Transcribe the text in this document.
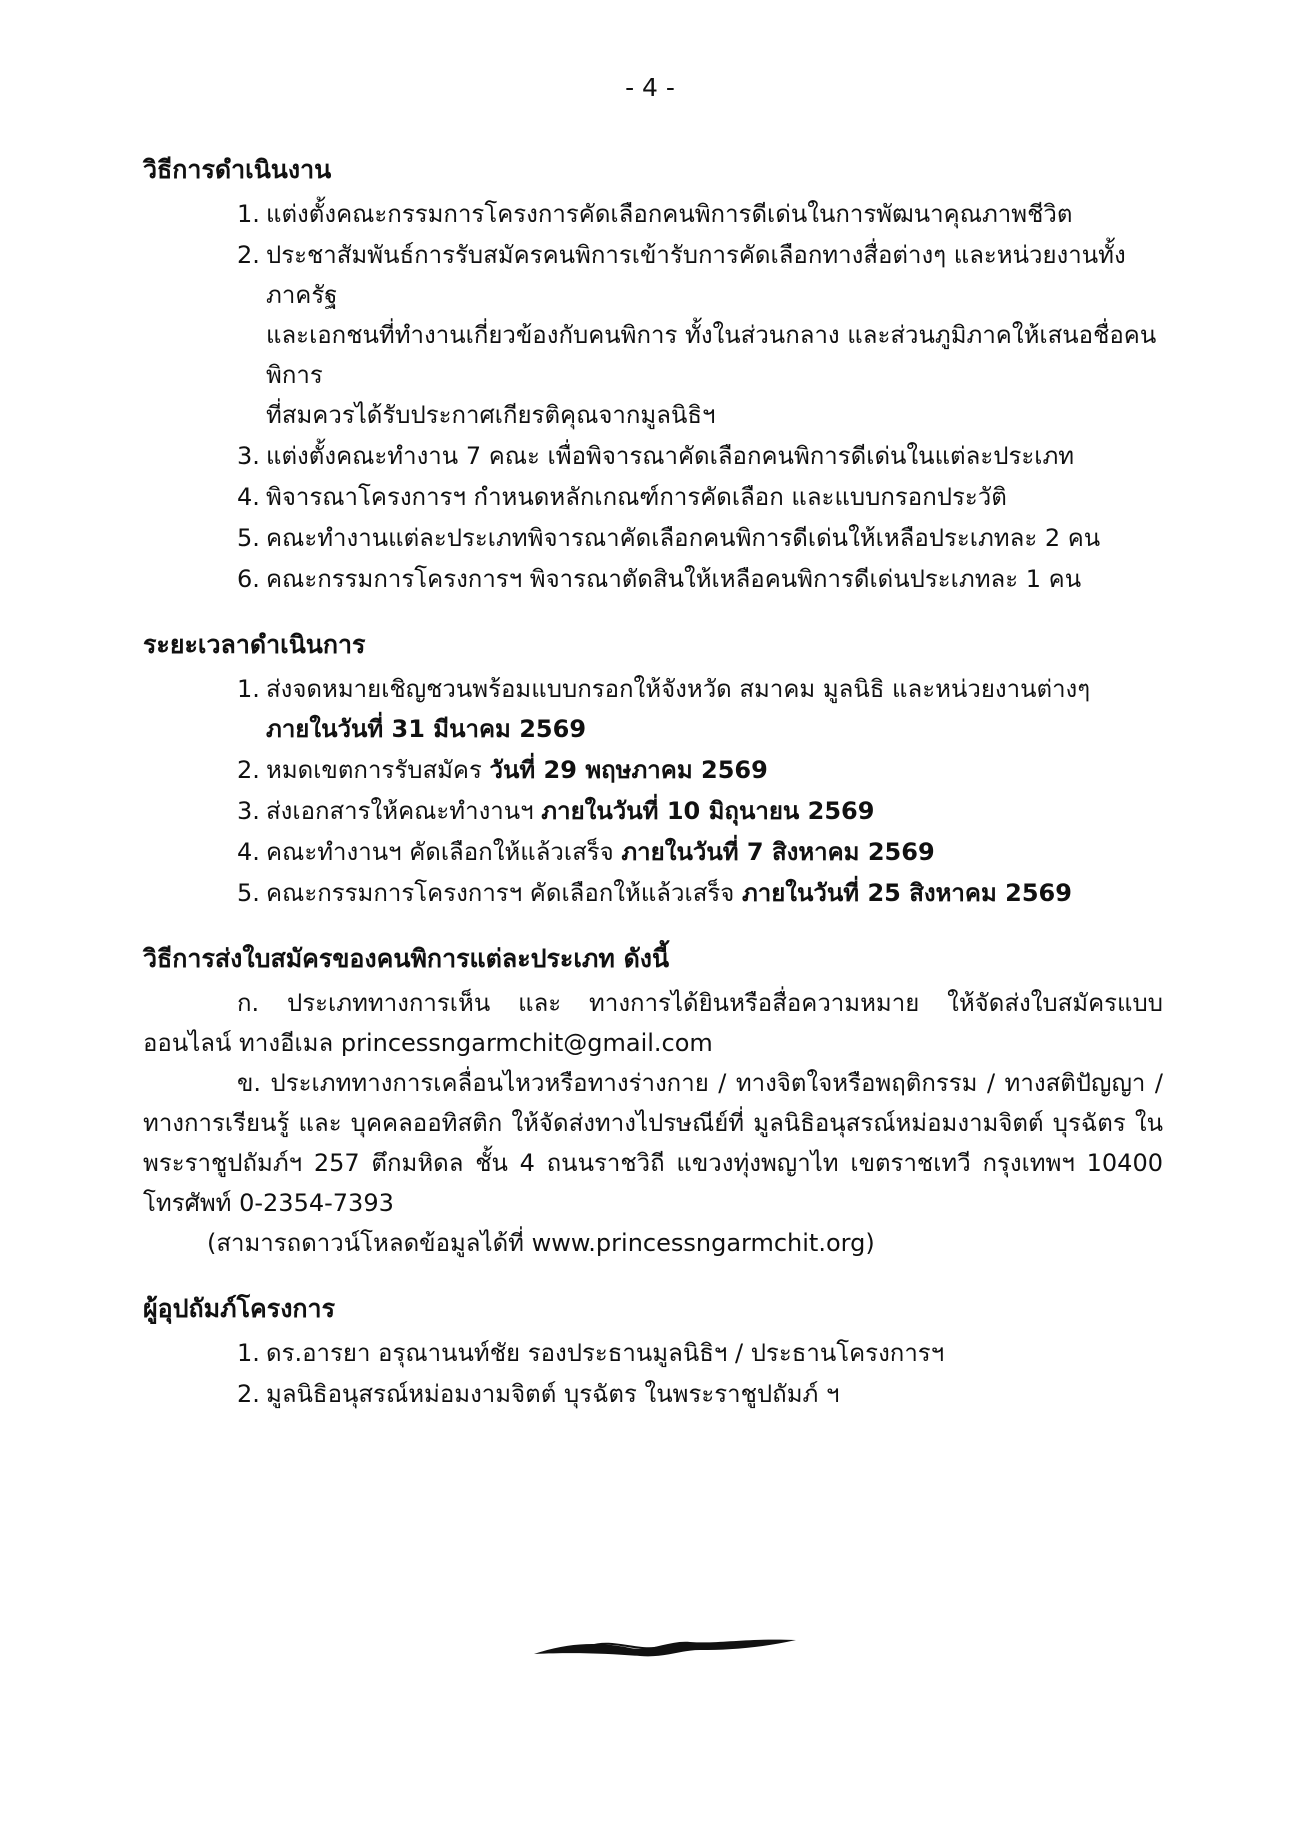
- 4 -
วิธีการดำเนินงาน
1. แต่งตั้งคณะกรรมการโครงการคัดเลือกคนพิการดีเด่นในการพัฒนาคุณภาพชีวิต
2. ประชาสัมพันธ์การรับสมัครคนพิการเข้ารับการคัดเลือกทางสื่อต่างๆ และหน่วยงานทั้งภาครัฐ
และเอกชนที่ทำงานเกี่ยวข้องกับคนพิการ ทั้งในส่วนกลาง และส่วนภูมิภาคให้เสนอชื่อคนพิการ
ที่สมควรได้รับประกาศเกียรติคุณจากมูลนิธิฯ
3. แต่งตั้งคณะทำงาน 7 คณะ เพื่อพิจารณาคัดเลือกคนพิการดีเด่นในแต่ละประเภท
4. พิจารณาโครงการฯ กำหนดหลักเกณฑ์การคัดเลือก และแบบกรอกประวัติ
5. คณะทำงานแต่ละประเภทพิจารณาคัดเลือกคนพิการดีเด่นให้เหลือประเภทละ 2 คน
6. คณะกรรมการโครงการฯ พิจารณาตัดสินให้เหลือคนพิการดีเด่นประเภทละ 1 คน
ระยะเวลาดำเนินการ
1. ส่งจดหมายเชิญชวนพร้อมแบบกรอกให้จังหวัด สมาคม มูลนิธิ และหน่วยงานต่างๆ
ภายในวันที่ 31 มีนาคม 2569
2. หมดเขตการรับสมัคร วันที่ 29 พฤษภาคม 2569
3. ส่งเอกสารให้คณะทำงานฯ ภายในวันที่ 10 มิถุนายน 2569
4. คณะทำงานฯ คัดเลือกให้แล้วเสร็จ ภายในวันที่ 7 สิงหาคม 2569
5. คณะกรรมการโครงการฯ คัดเลือกให้แล้วเสร็จ ภายในวันที่ 25 สิงหาคม 2569
วิธีการส่งใบสมัครของคนพิการแต่ละประเภท ดังนี้

ก. ประเภททางการเห็น และ ทางการได้ยินหรือสื่อความหมาย ให้จัดส่งใบสมัครแบบออนไลน์ ทางอีเมล princessngarmchit@gmail.com

ข. ประเภททางการเคลื่อนไหวหรือทางร่างกาย / ทางจิตใจหรือพฤติกรรม / ทางสติปัญญา / ทางการเรียนรู้ และ บุคคลออทิสติก ให้จัดส่งทางไปรษณีย์ที่ มูลนิธิอนุสรณ์หม่อมงามจิตต์ บุรฉัตร ในพระราชูปถัมภ์ฯ 257 ตึกมหิดล ชั้น 4 ถนนราชวิถี แขวงทุ่งพญาไท เขตราชเทวี กรุงเทพฯ 10400 โทรศัพท์ 0-2354-7393

(สามารถดาวน์โหลดข้อมูลได้ที่ www.princessngarmchit.org)

ผู้อุปถัมภ์โครงการ
1. ดร.อารยา อรุณานนท์ชัย รองประธานมูลนิธิฯ / ประธานโครงการฯ
2. มูลนิธิอนุสรณ์หม่อมงามจิตต์ บุรฉัตร ในพระราชูปถัมภ์ ฯ
